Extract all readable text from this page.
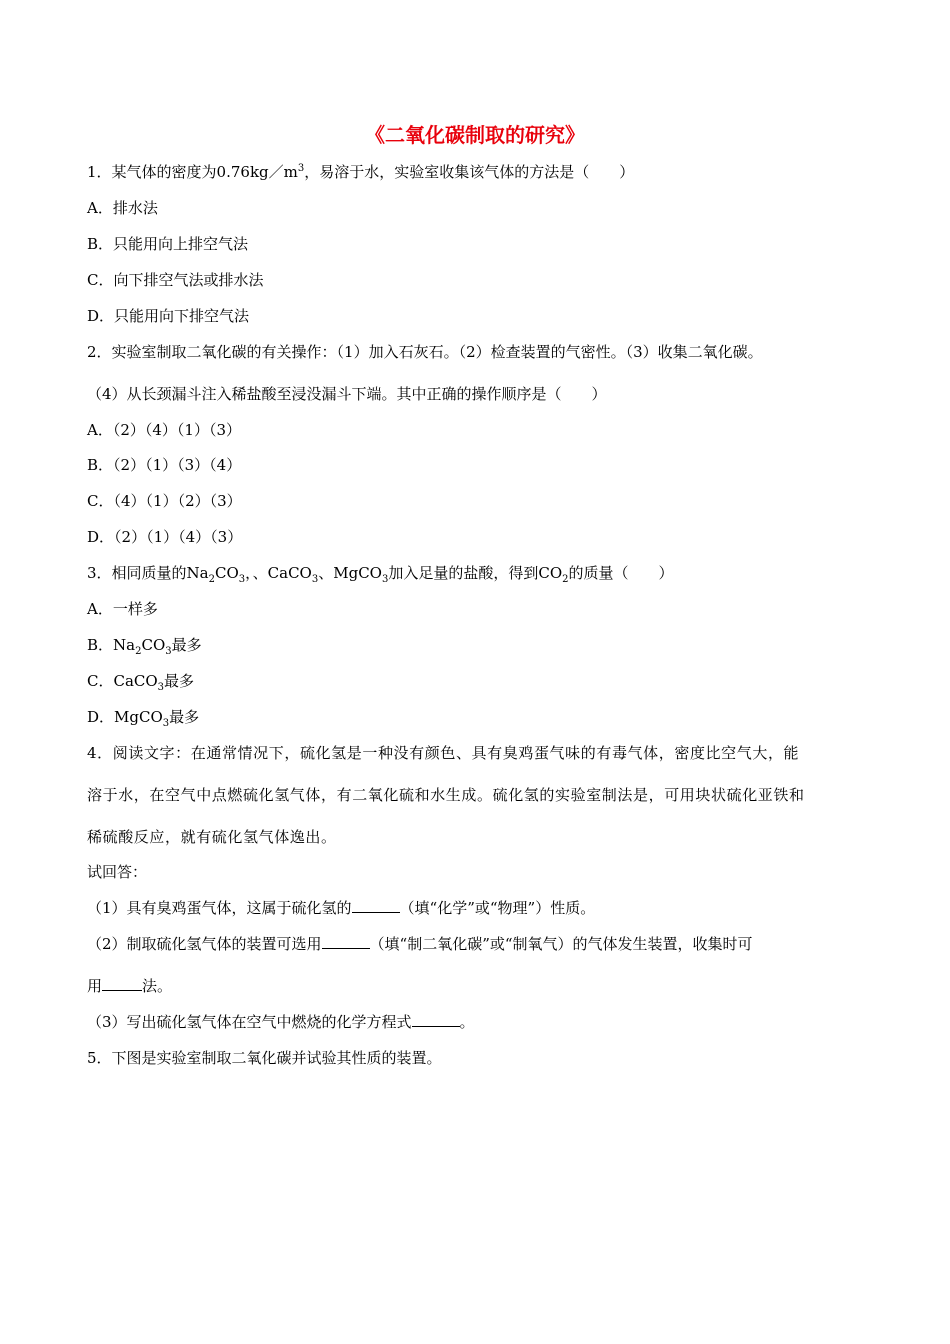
《二氧化碳制取的研究》
1．某气体的密度为$0.76kg/m^3$，易溶于水，实验室收集该气体的方法是（　　）
A．排水法
B．只能用向上排空气法
C．向下排空气法或排水法
D．只能用向下排空气法
2．实验室制取二氧化碳的有关操作：（1）加入石灰石。（2）检查装置的气密性。（3）收集二氧化碳。
（4）从长颈漏斗注入稀盐酸至浸没漏斗下端。其中正确的操作顺序是（　　）
A．（2）（4）（1）（3）
B．（2）（1）（3）（4）
C．（4）（1）（2）（3）
D．（2）（1）（4）（3）
3．相同质量的$Na_2CO_3$，、CaCO$_3$、MgCO$_3$加入足量的盐酸，得到$CO_2$的质量（　　）
A．一样多
B．$Na_2CO_3$最多
C．CaCO$_3$最多
D．MgCO$_3$最多
4．阅读文字：在通常情况下，硫化氢是一种没有颜色、具有臭鸡蛋气味的有毒气体，密度比空气大，能
溶于水，在空气中点燃硫化氢气体，有二氧化硫和水生成。硫化氢的实验室制法是，可用块状硫化亚铁和
稀硫酸反应，就有硫化氢气体逸出。
试回答：
（1）具有臭鸡蛋气体，这属于硫化氢的	（填“化学”或“物理”）性质。
（2）制取硫化氢气体的装置可选用	（填“制二氧化碳”或“制氧气）的气体发生装置，收集时可
用	法。
（3）写出硫化氢气体在空气中燃烧的化学方程式	。
5．下图是实验室制取二氧化碳并试验其性质的装置。
